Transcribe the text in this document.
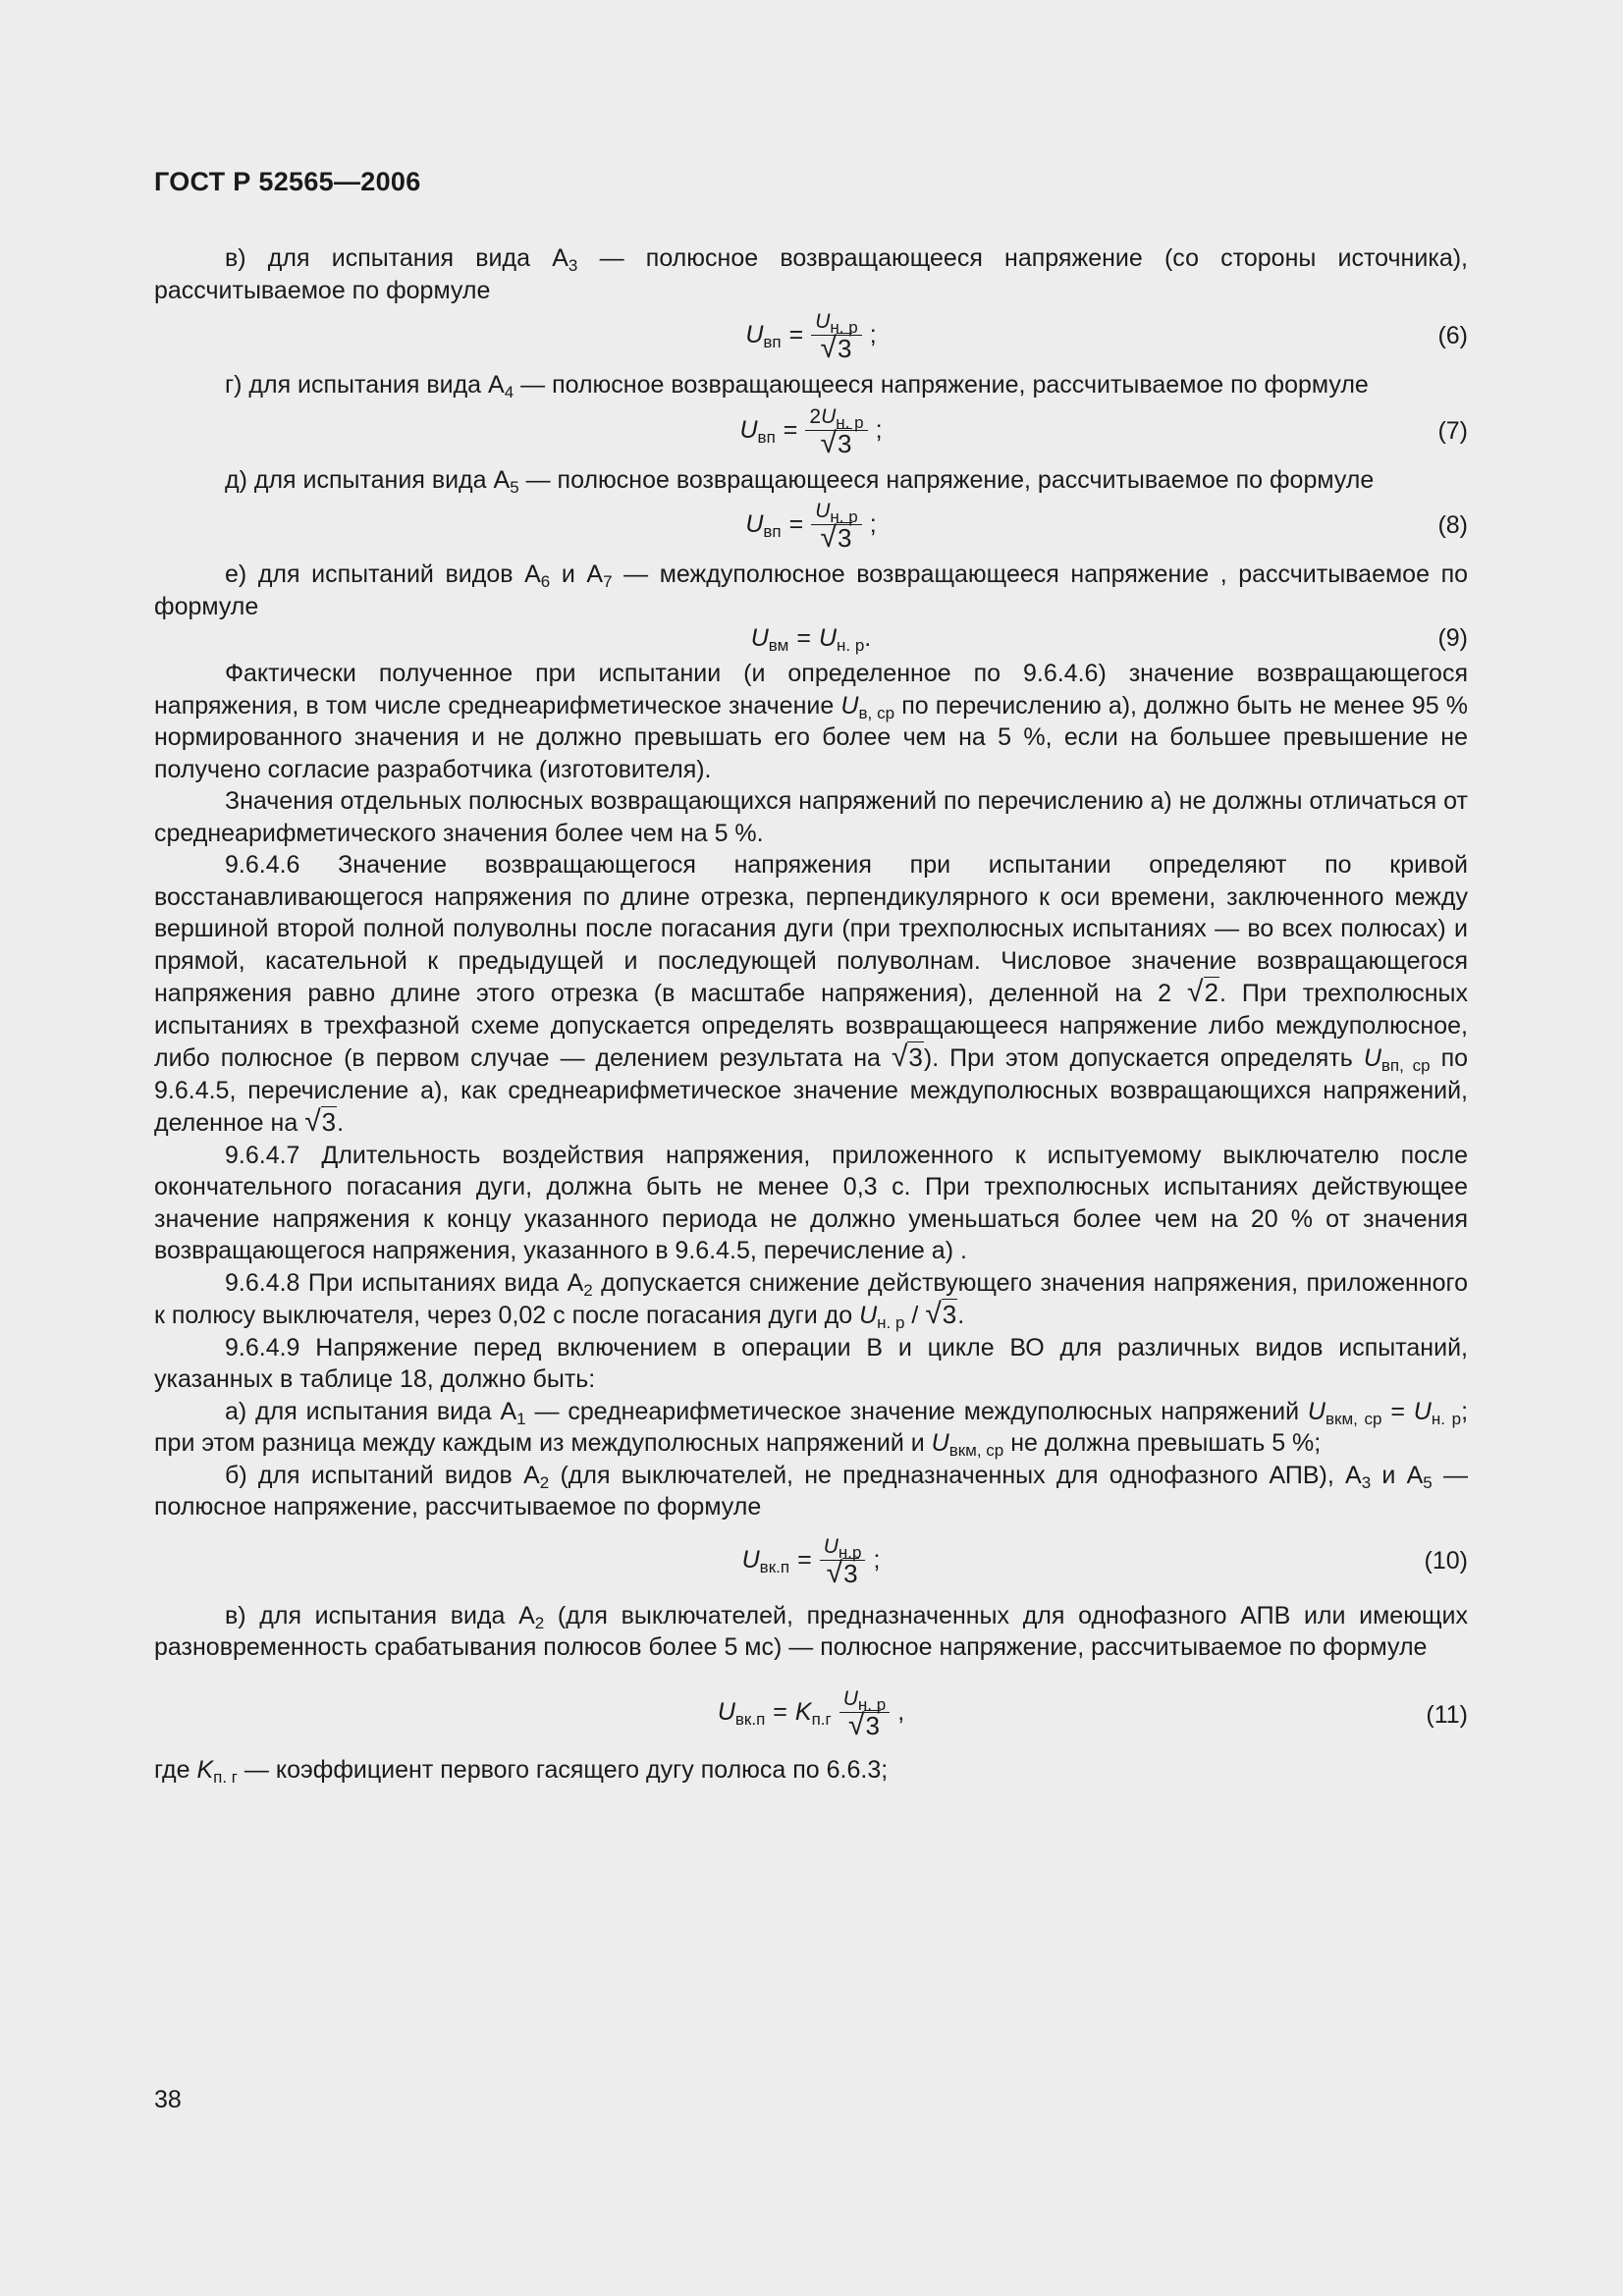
ГОСТ Р 52565—2006

в) для испытания вида $А_3$ — полюсное возвращающееся напряжение (со стороны источника), рассчитываемое по формуле

$U_{вп} = \frac{U_{н. р}}{√3}$ ;	(6)

г) для испытания вида $А_4$ — полюсное возвращающееся напряжение, рассчитываемое по формуле

$U_{вп} = \frac{2U_{н. р}}{√3}$ ;	(7)

д) для испытания вида $А_5$ — полюсное возвращающееся напряжение, рассчитываемое по формуле

$U_{вп} = \frac{U_{н. р}}{√3}$ ;	(8)

е) для испытаний видов $А_6$ и $А_7$ — междуполюсное возвращающееся напряжение , рассчитываемое по формуле

$U_{вм} = U_{н. р}$.	(9)

Фактически полученное при испытании (и определенное по 9.6.4.6) значение возвращающегося напряжения, в том числе среднеарифметическое значение $U_{в, ср}$ по перечислению а), должно быть не менее 95 % нормированного значения и не должно превышать его более чем на 5 %, если на большее превышение не получено согласие разработчика (изготовителя).

Значения отдельных полюсных возвращающихся напряжений по перечислению а) не должны отличаться от среднеарифметического значения более чем на 5 %.

9.6.4.6 Значение возвращающегося напряжения при испытании определяют по кривой восстанавливающегося напряжения по длине отрезка, перпендикулярного к оси времени, заключенного между вершиной второй полной полуволны после погасания дуги (при трехполюсных испытаниях — во всех полюсах) и прямой, касательной к предыдущей и последующей полуволнам. Числовое значение возвращающегося напряжения равно длине этого отрезка (в масштабе напряжения), деленной на 2 √2. При трехполюсных испытаниях в трехфазной схеме допускается определять возвращающееся напряжение либо междуполюсное, либо полюсное (в первом случае — делением результата на √3). При этом допускается определять $U_{вп, ср}$ по 9.6.4.5, перечисление а), как среднеарифметическое значение междуполюсных возвращающихся напряжений, деленное на √3.

9.6.4.7 Длительность воздействия напряжения, приложенного к испытуемому выключателю после окончательного погасания дуги, должна быть не менее 0,3 с. При трехполюсных испытаниях действующее значение напряжения к концу указанного периода не должно уменьшаться более чем на 20 % от значения возвращающегося напряжения, указанного в 9.6.4.5, перечисление а) .

9.6.4.8 При испытаниях вида $А_2$ допускается снижение действующего значения напряжения, приложенного к полюсу выключателя, через 0,02 с после погасания дуги до $U_{н. р} / √3$.

9.6.4.9 Напряжение перед включением в операции В и цикле ВО для различных видов испытаний, указанных в таблице 18, должно быть:

а) для испытания вида $А_1$ — среднеарифметическое значение междуполюсных напряжений $U_{вкм, ср} = U_{н. р}$; при этом разница между каждым из междуполюсных напряжений и $U_{вкм, ср}$ не должна превышать 5 %;

б) для испытаний видов $А_2$ (для выключателей, не предназначенных для однофазного АПВ), $А_3$ и $А_5$ — полюсное напряжение, рассчитываемое по формуле

$U_{вк.п} = \frac{U_{н.р}}{√3}$ ;	(10)

в) для испытания вида $А_2$ (для выключателей, предназначенных для однофазного АПВ или имеющих разновременность срабатывания полюсов более 5 мс) — полюсное напряжение, рассчитываемое по формуле

$U_{вк.п} = K_{п.г} \frac{U_{н. р}}{√3}$ ,	(11)

где $K_{п. г}$ — коэффициент первого гасящего дугу полюса по 6.6.3;

38
